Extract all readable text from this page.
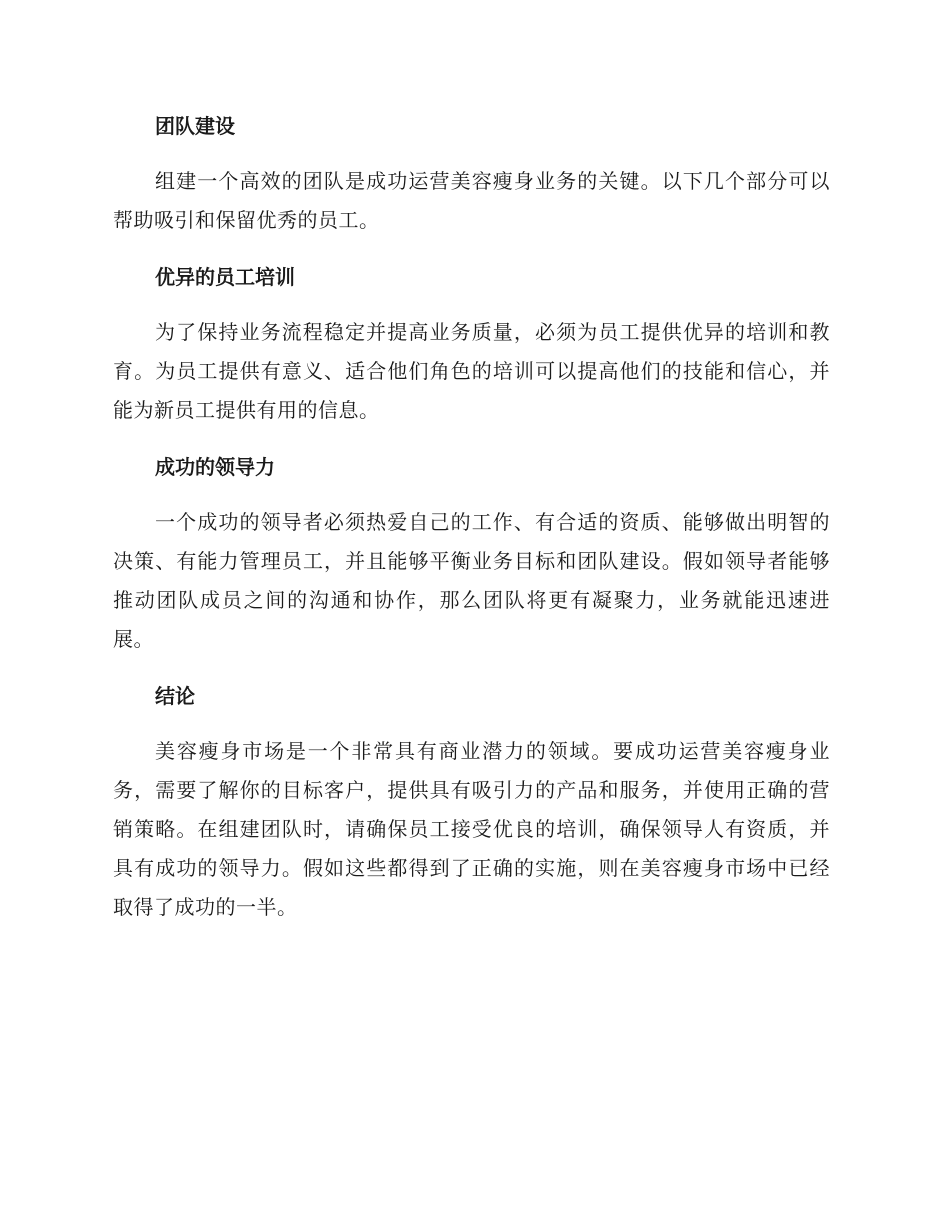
团队建设

组建一个高效的团队是成功运营美容瘦身业务的关键。以下几个部分可以帮助吸引和保留优秀的员工。

优异的员工培训

为了保持业务流程稳定并提高业务质量，必须为员工提供优异的培训和教育。为员工提供有意义、适合他们角色的培训可以提高他们的技能和信心，并能为新员工提供有用的信息。

成功的领导力

一个成功的领导者必须热爱自己的工作、有合适的资质、能够做出明智的决策、有能力管理员工，并且能够平衡业务目标和团队建设。假如领导者能够推动团队成员之间的沟通和协作，那么团队将更有凝聚力，业务就能迅速进展。

结论

美容瘦身市场是一个非常具有商业潜力的领域。要成功运营美容瘦身业务，需要了解你的目标客户，提供具有吸引力的产品和服务，并使用正确的营销策略。在组建团队时，请确保员工接受优良的培训，确保领导人有资质，并具有成功的领导力。假如这些都得到了正确的实施，则在美容瘦身市场中已经取得了成功的一半。
